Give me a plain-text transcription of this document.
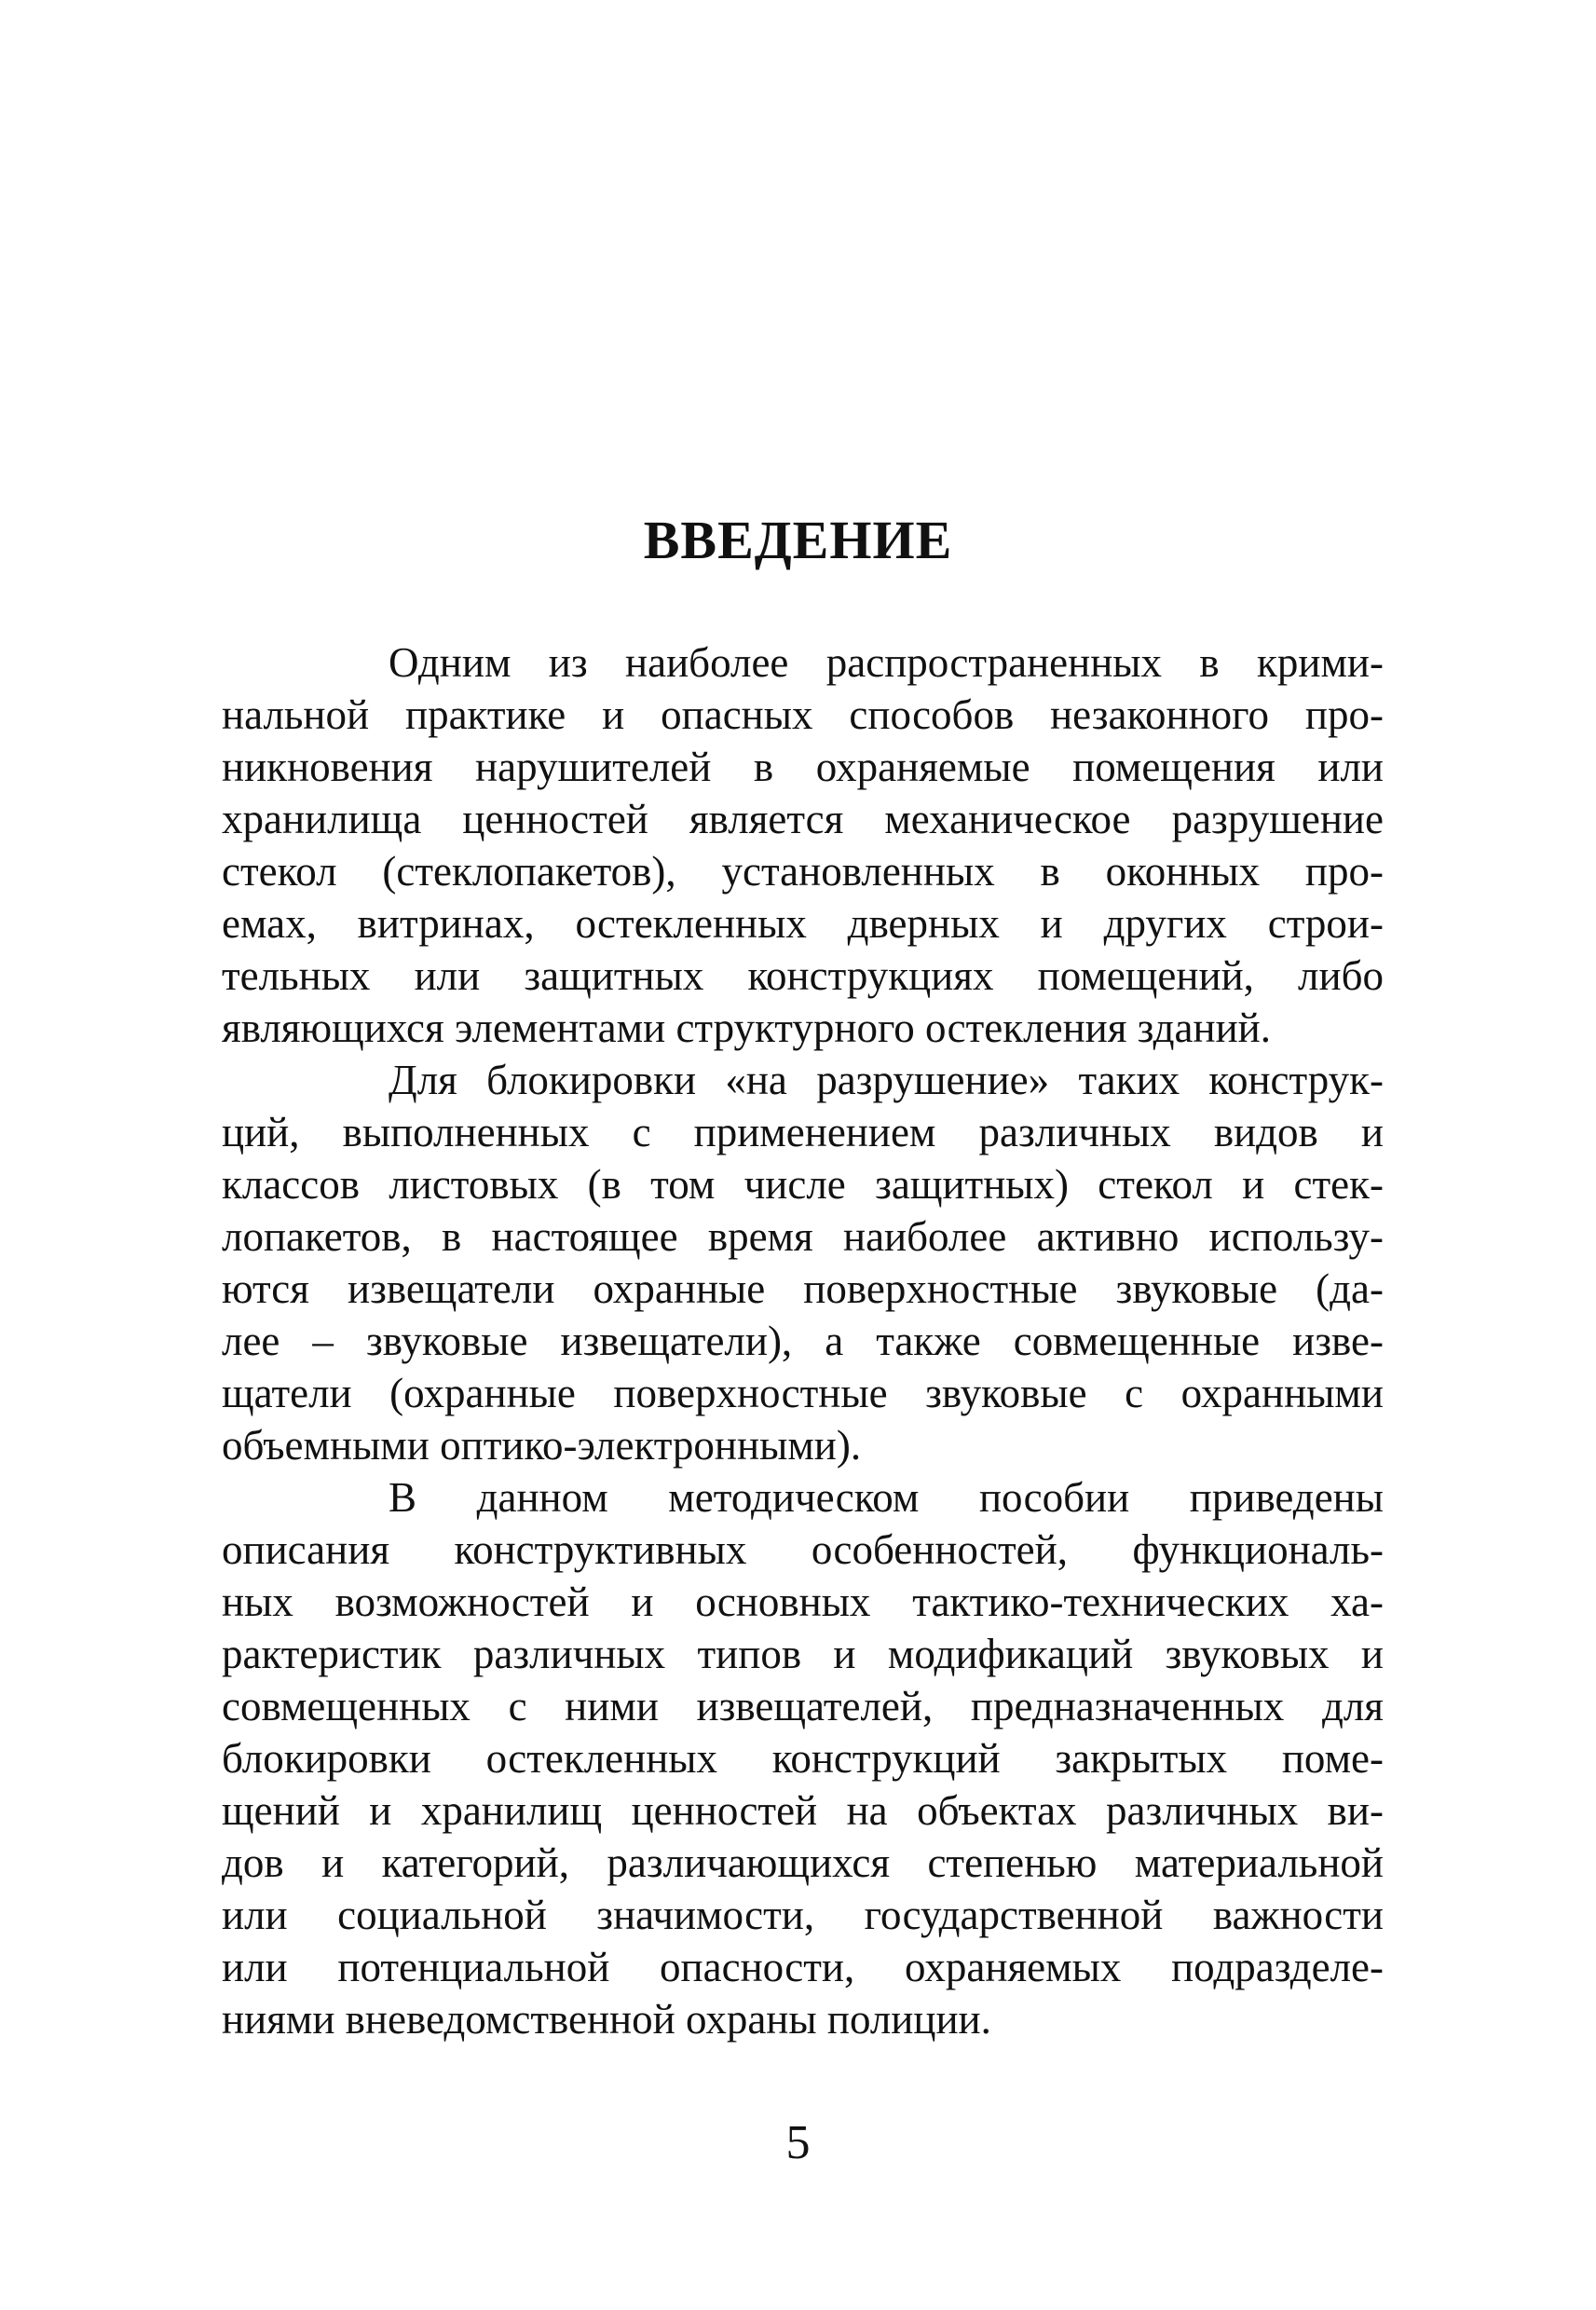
ВВЕДЕНИЕ
Одним из наиболее распространенных в крими-
нальной практике и опасных способов незаконного про-
никновения нарушителей в охраняемые помещения или
хранилища ценностей является механическое разрушение
стекол (стеклопакетов), установленных в оконных про-
емах, витринах, остекленных дверных и других строи-
тельных или защитных конструкциях помещений, либо
являющихся элементами структурного остекления зданий.
Для блокировки «на разрушение» таких конструк-
ций, выполненных с применением различных видов и
классов листовых (в том числе защитных) стекол и стек-
лопакетов, в настоящее время наиболее активно использу-
ются извещатели охранные поверхностные звуковые (да-
лее – звуковые извещатели), а также совмещенные изве-
щатели (охранные поверхностные звуковые с охранными
объемными оптико-электронными).
В данном методическом пособии приведены
описания конструктивных особенностей, функциональ-
ных возможностей и основных тактико-технических ха-
рактеристик различных типов и модификаций звуковых и
совмещенных с ними извещателей, предназначенных для
блокировки остекленных конструкций закрытых поме-
щений и хранилищ ценностей на объектах различных ви-
дов и категорий, различающихся степенью материальной
или социальной значимости, государственной важности
или потенциальной опасности, охраняемых подразделе-
ниями вневедомственной охраны полиции.
5
